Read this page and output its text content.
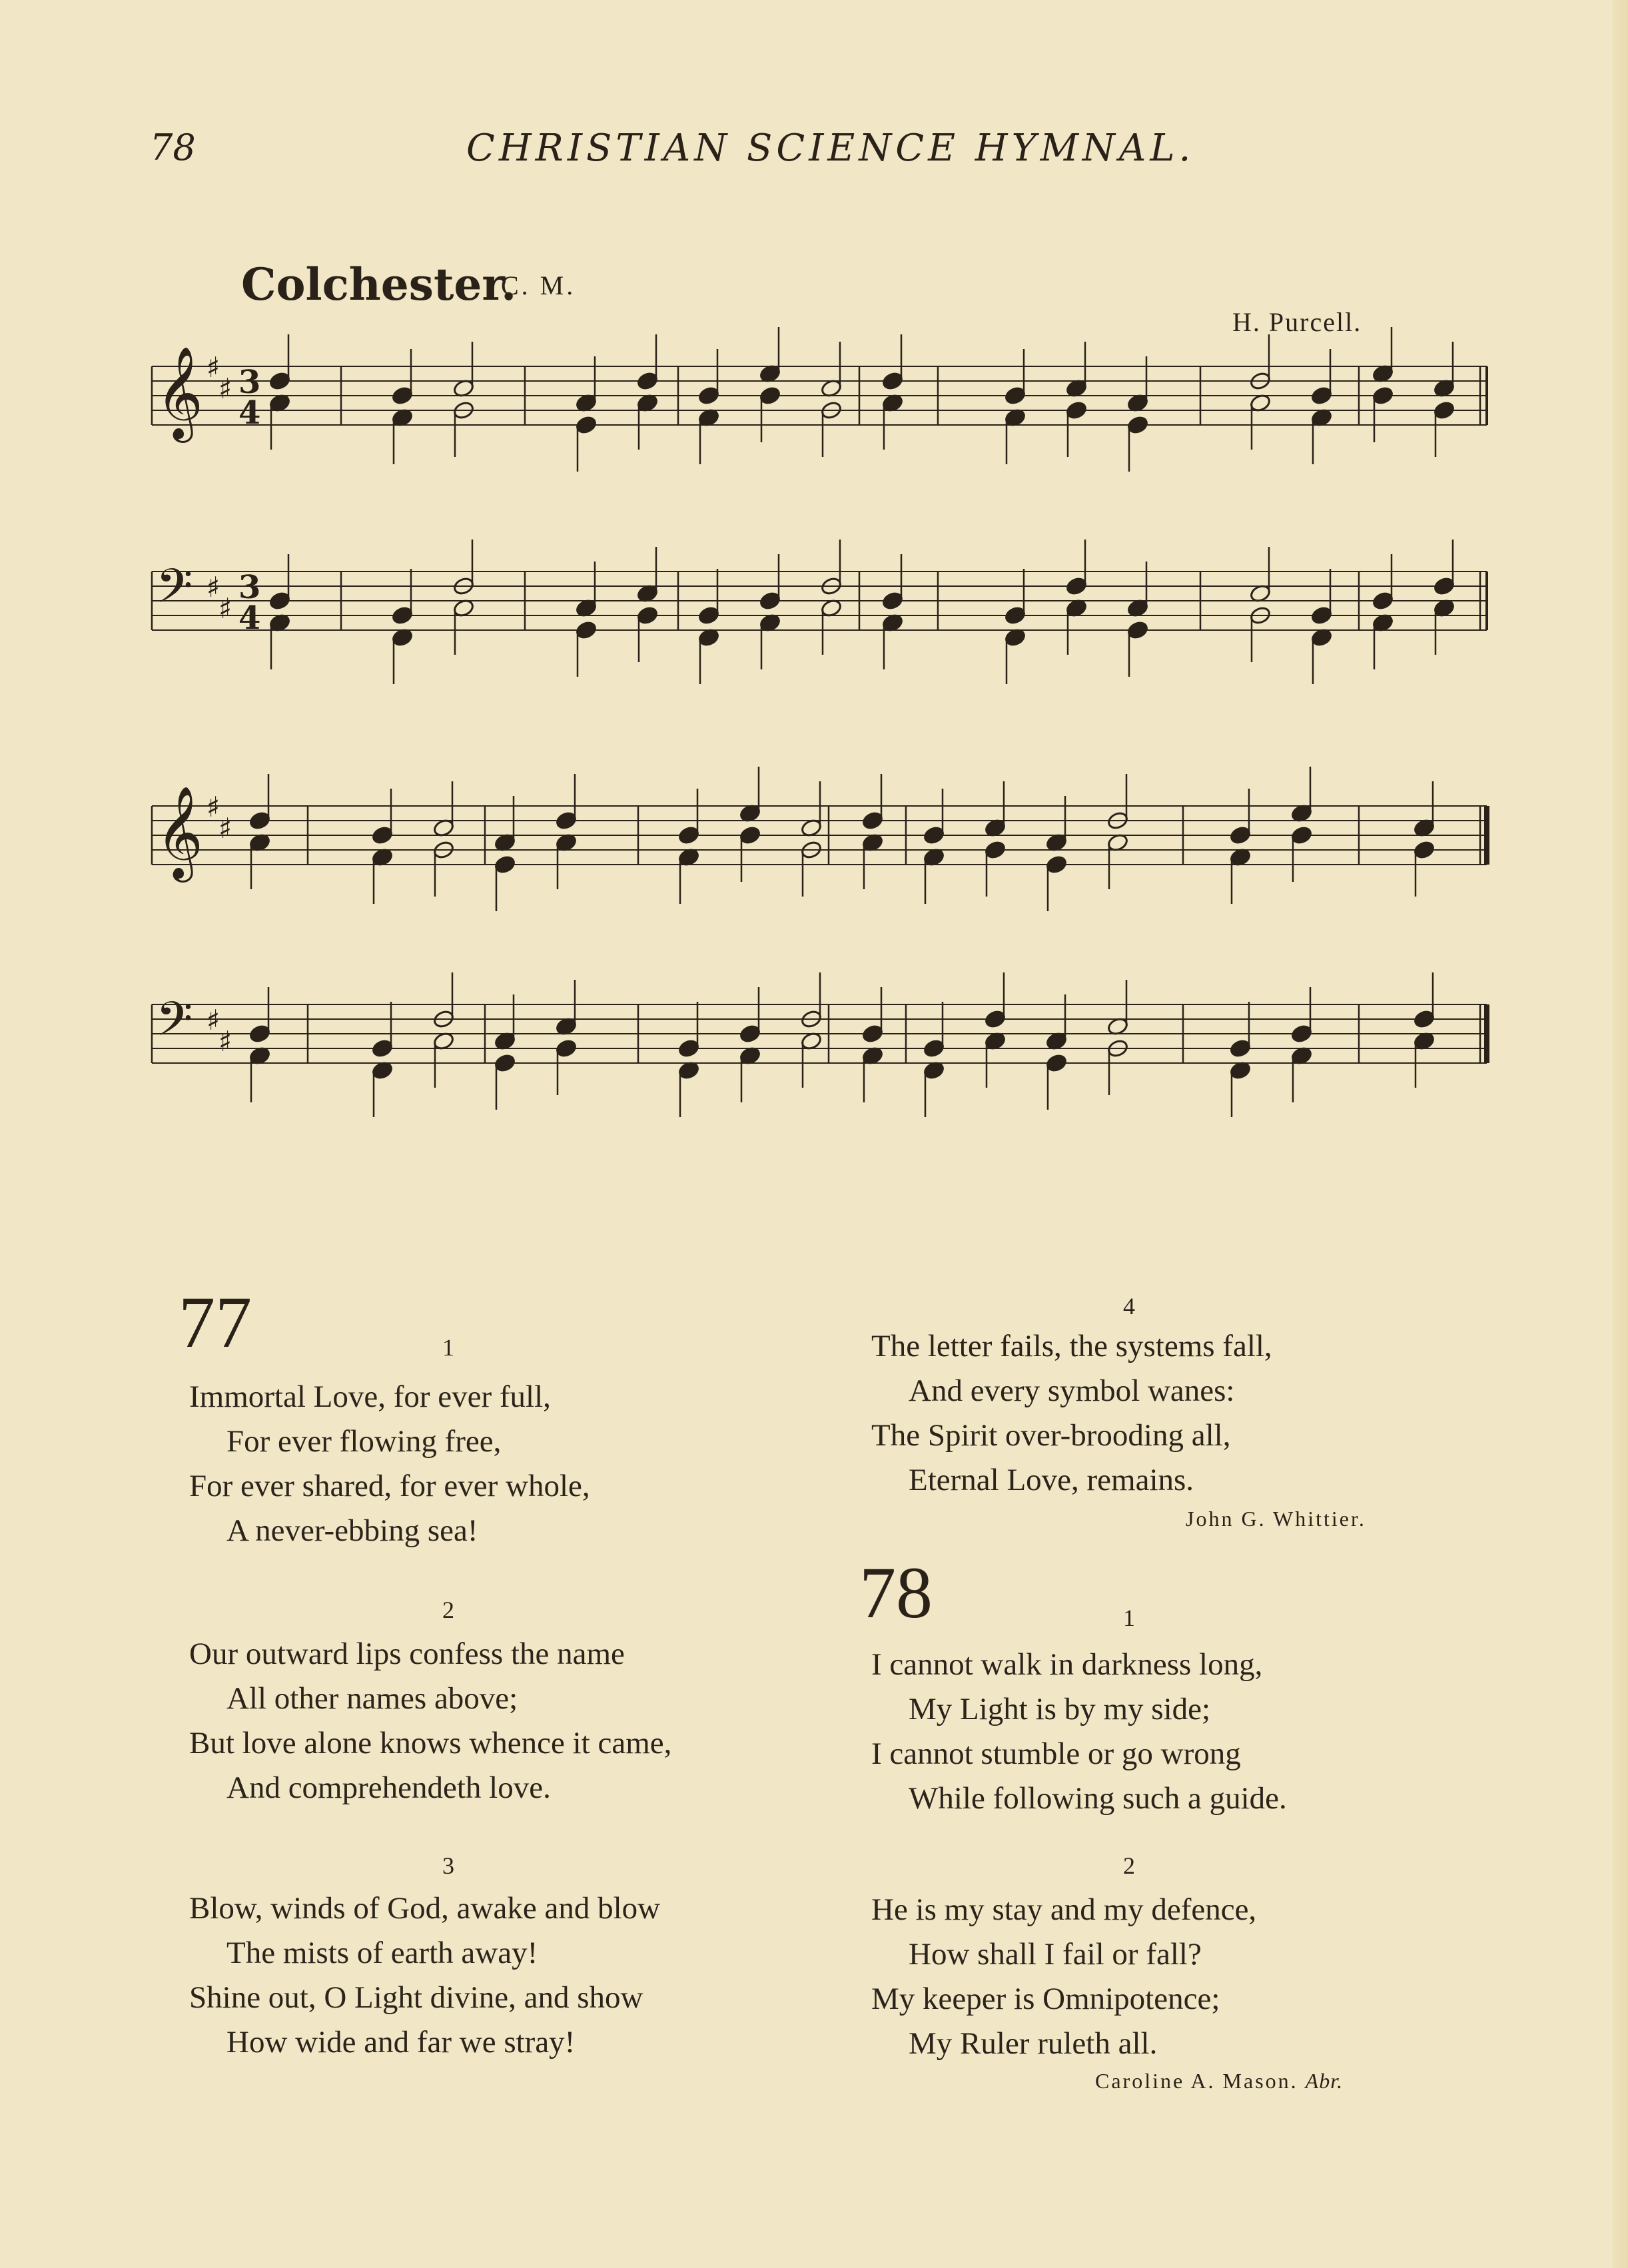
78	CHRISTIAN SCIENCE HYMNAL.
Colchester.
C. M.
H. Purcell.
𝄞 ♯
♯ 3
4
𝄢 ♯
♯
3
4
𝄞 ♯
♯
𝄢 ♯
♯
77	1
Immortal Love, for ever full,
For ever flowing free,
For ever shared, for ever whole,
A never-ebbing sea!
2
Our outward lips confess the name
All other names above;
But love alone knows whence it came,
And comprehendeth love.
3
Blow, winds of God, awake and blow
The mists of earth away!
Shine out, O Light divine, and show
How wide and far we stray!
4
The letter fails, the systems fall,
And every symbol wanes:
The Spirit over-brooding all,
Eternal Love, remains.
John G. Whittier.
78	1
I cannot walk in darkness long,
My Light is by my side;
I cannot stumble or go wrong
While following such a guide.
2
He is my stay and my defence,
How shall I fail or fall?
My keeper is Omnipotence;
My Ruler ruleth all.
Caroline A. Mason. Abr.
